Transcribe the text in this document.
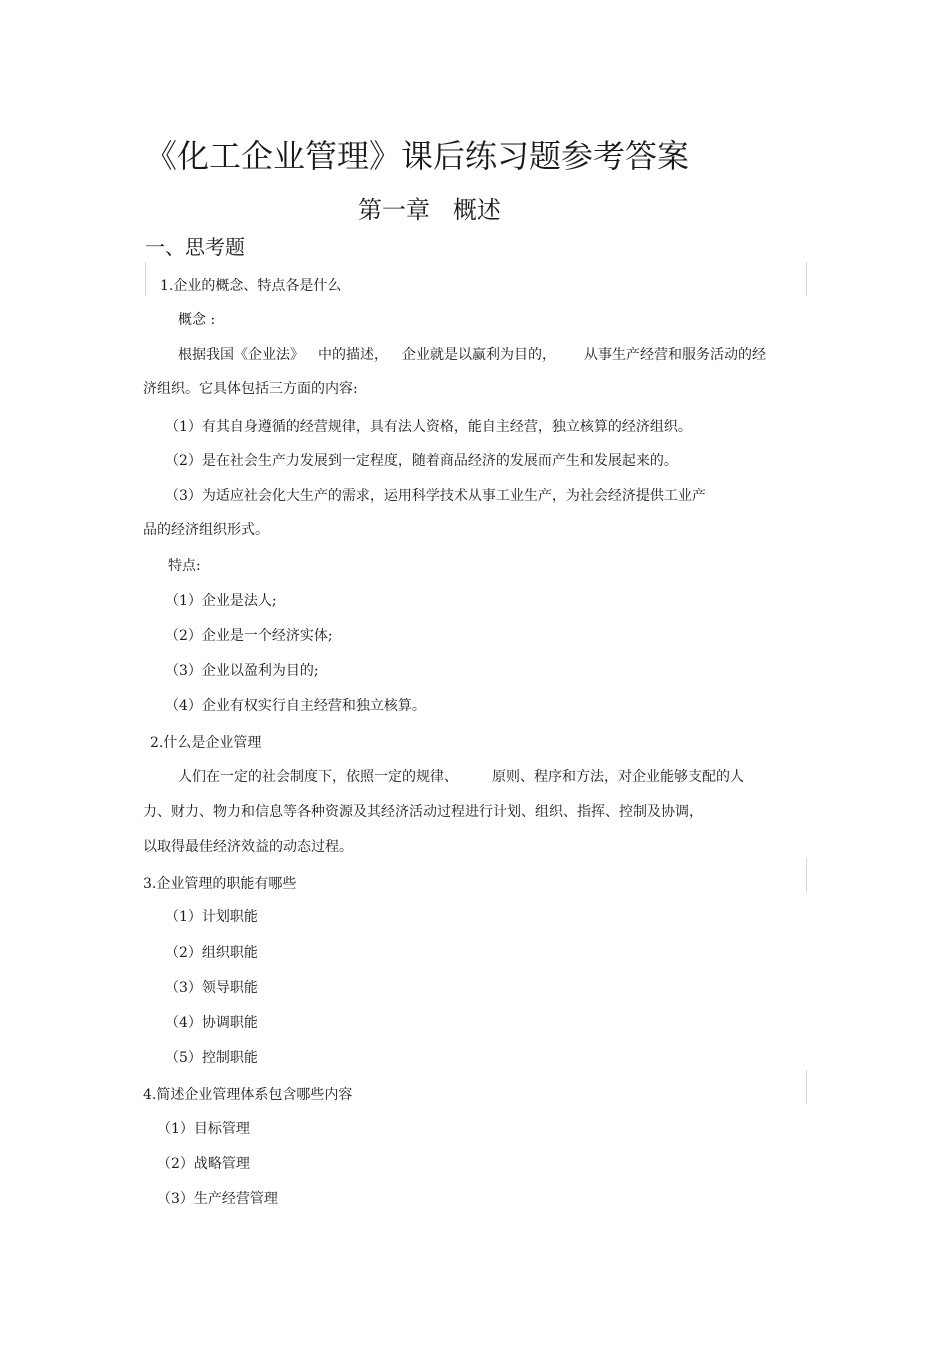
《化工企业管理》课后练习题参考答案
第一章   概述
一、思考题
1.企业的概念、特点各是什么
概念 :
根据我国《企业法》 中的描述， 企业就是以赢利为目的， 从事生产经营和服务活动的经
济组织。它具体包括三方面的内容:
（1）有其自身遵循的经营规律，具有法人资格，能自主经营，独立核算的经济组织。
（2）是在社会生产力发展到一定程度，随着商品经济的发展而产生和发展起来的。
（3）为适应社会化大生产的需求，运用科学技术从事工业生产，为社会经济提供工业产
品的经济组织形式。
特点:
（1）企业是法人;
（2）企业是一个经济实体;
（3）企业以盈利为目的;
（4）企业有权实行自主经营和独立核算。
2.什么是企业管理
人们在一定的社会制度下，依照一定的规律、 原则、程序和方法，对企业能够支配的人
力、财力、物力和信息等各种资源及其经济活动过程进行计划、组织、指挥、控制及协调，
以取得最佳经济效益的动态过程。
3.企业管理的职能有哪些
（1）计划职能
（2）组织职能
（3）领导职能
（4）协调职能
（5）控制职能
4.简述企业管理体系包含哪些内容
（1）目标管理
（2）战略管理
（3）生产经营管理
